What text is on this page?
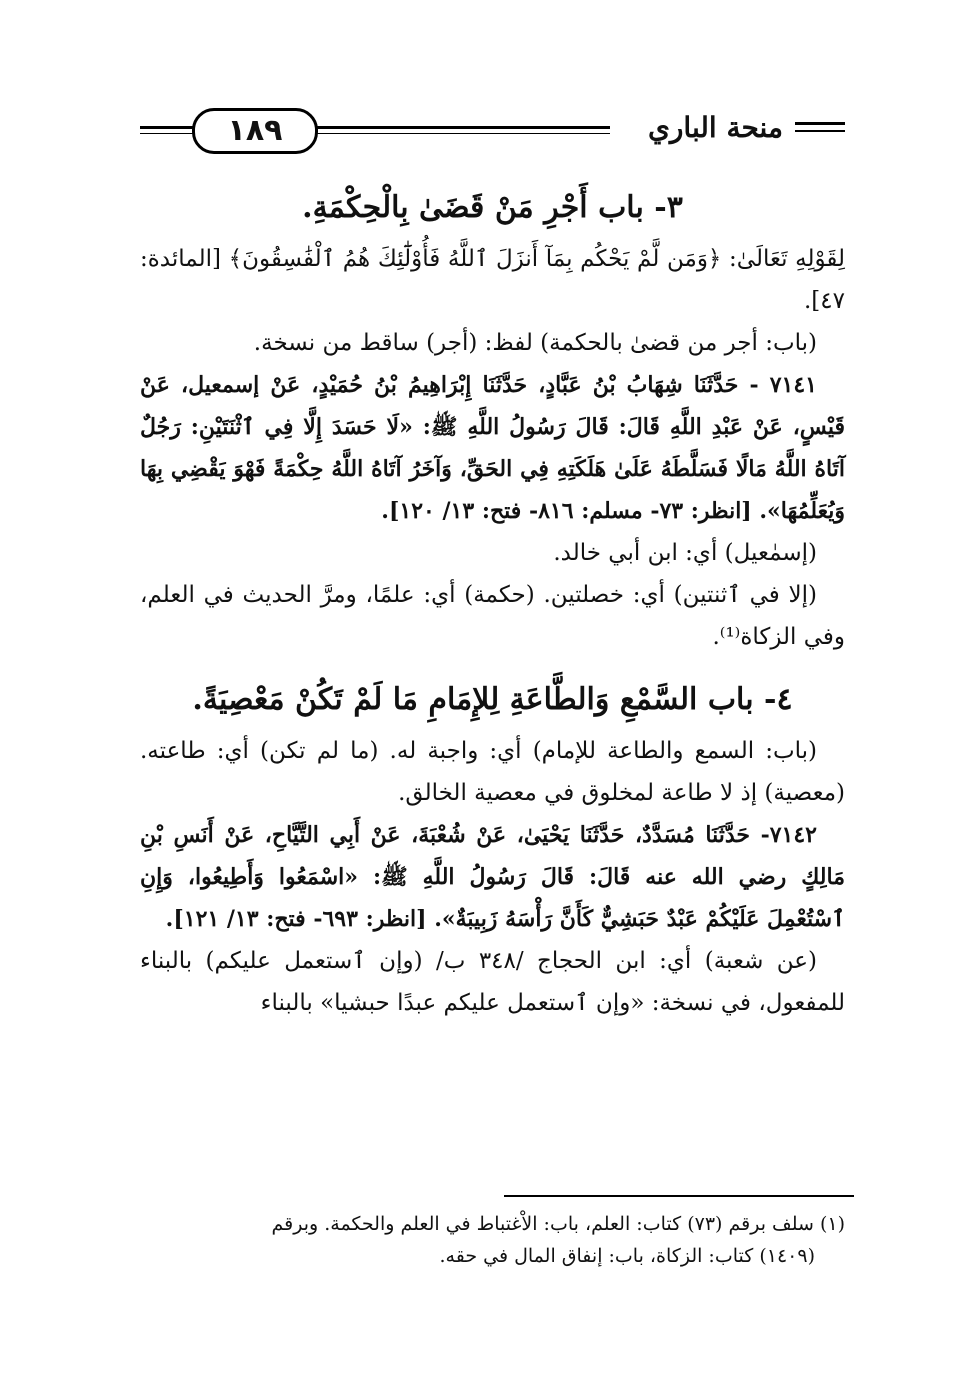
١٨٩	منحة الباري

٣- باب أَجْرِ مَنْ قَضَىٰ بِالْحِكْمَةِ.

لِقَوْلِهِ تَعَالَىٰ: ﴿وَمَن لَّمْ يَحْكُم بِمَآ أَنزَلَ ٱللَّهُ فَأُوْلَٰٓئِكَ هُمُ ٱلْفَٰسِقُونَ﴾ [المائدة: ٤٧].

(باب: أجر من قضىٰ بالحكمة) لفظ: (أجر) ساقط من نسخة.

٧١٤١ - حَدَّثَنَا شِهَابُ بْنُ عَبَّادٍ، حَدَّثَنَا إِبْرَاهِيمُ بْنُ حُمَيْدٍ، عَنْ إسمعيل، عَنْ قَيْسٍ، عَنْ عَبْدِ اللَّهِ قَالَ: قَالَ رَسُولُ اللَّهِ ﷺ: «لَا حَسَدَ إِلَّا فِي ٱثْنَتَيْنِ: رَجُلٌ آتَاهُ اللَّهُ مَالًا فَسَلَّطَهُ عَلَىٰ هَلَكَتِهِ فِي الحَقِّ، وَآخَرُ آتَاهُ اللَّهُ حِكْمَةً فَهْوَ يَقْضِي بِهَا وَيُعَلِّمُهَا». [انظر: ٧٣- مسلم: ٨١٦- فتح: ١٣/ ١٢٠].

(إسمٰعيل) أي: ابن أبي خالد.

(إلا في ٱثنتين) أي: خصلتين. (حكمة) أي: علمًا، ومرَّ الحديث في العلم، وفي الزكاة⁽¹⁾.

٤- باب السَّمْعِ وَالطَّاعَةِ لِلإِمَامِ مَا لَمْ تَكُنْ مَعْصِيَةً.

(باب: السمع والطاعة للإمام) أي: واجبة له. (ما لم تكن) أي: طاعته. (معصية) إذ لا طاعة لمخلوق في معصية الخالق.

٧١٤٢- حَدَّثَنَا مُسَدَّدٌ، حَدَّثَنَا يَحْيَىٰ، عَنْ شُعْبَةَ، عَنْ أَبِي التَّيَّاحِ، عَنْ أَنَسِ بْنِ مَالِكٍ رضي الله عنه قَالَ: قَالَ رَسُولُ اللَّهِ ﷺ: «اسْمَعُوا وَأَطِيعُوا، وَإِنِ ٱسْتُعْمِلَ عَلَيْكُمْ عَبْدٌ حَبَشِيٌّ كَأَنَّ رَأْسَهُ زَبِيبَةٌ». [انظر: ٦٩٣- فتح: ١٣/ ١٢١].

(عن شعبة) أي: ابن الحجاج /٣٤٨ ب/ (وإن ٱستعمل عليكم) بالبناء للمفعول، في نسخة: «وإن ٱستعمل عليكم عبدًا حبشيا» بالبناء

(١) سلف برقم (٧٣) كتاب: العلم، باب: الاْغتباط في العلم والحكمة. وبرقم
(١٤٠٩) كتاب: الزكاة، باب: إنفاق المال في حقه.
